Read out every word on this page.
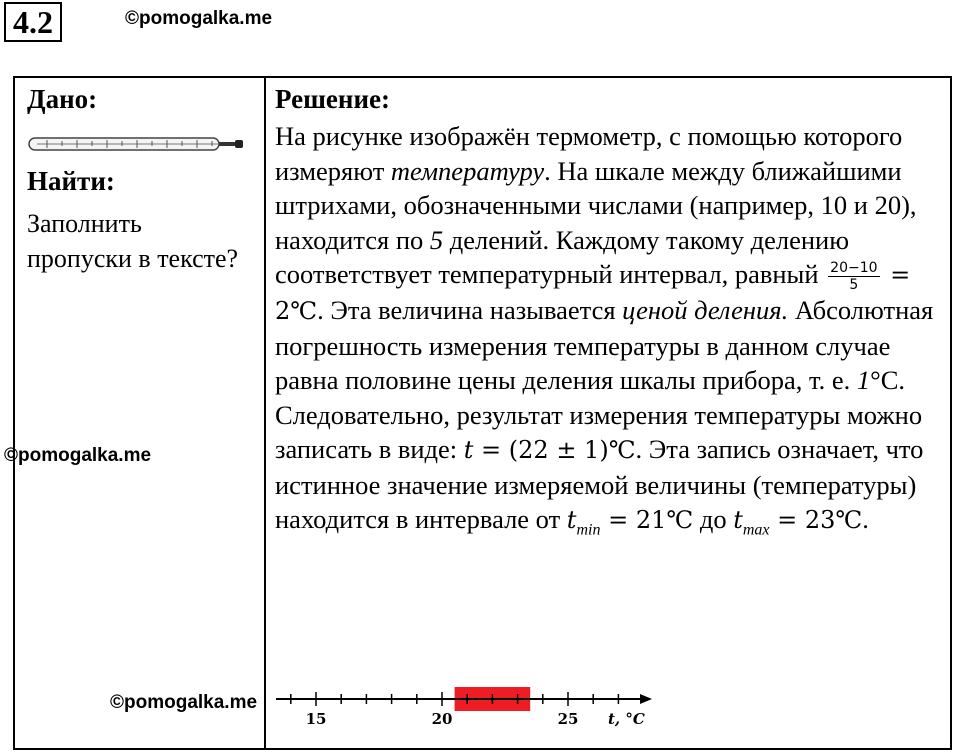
4.2	©pomogalka.me
©pomogalka.me
©pomogalka.me
Дано:
Найти:
Заполнить пропуски в тексте?
Решение:
На рисунке изображён термометр, с помощью которого измеряют температуру. На шкале между ближайшими штрихами, обозначенными числами (например, 10 и 20), находится по 5 делений. Каждому такому делению соответствует температурный интервал, равный $\frac{20-10}{5}$ = 2℃. Эта величина называется ценой деления. Абсолютная погрешность измерения температуры в данном случае равна половине цены деления шкалы прибора, т. е. 1°С. Следовательно, результат измерения температуры можно записать в виде: t = (22 ± 1)℃. Эта запись означает, что истинное значение измеряемой величины (температуры) находится в интервале от $t_{min}$ = 21℃ до $t_{max}$ = 23℃.
15	20	25 t, °C
